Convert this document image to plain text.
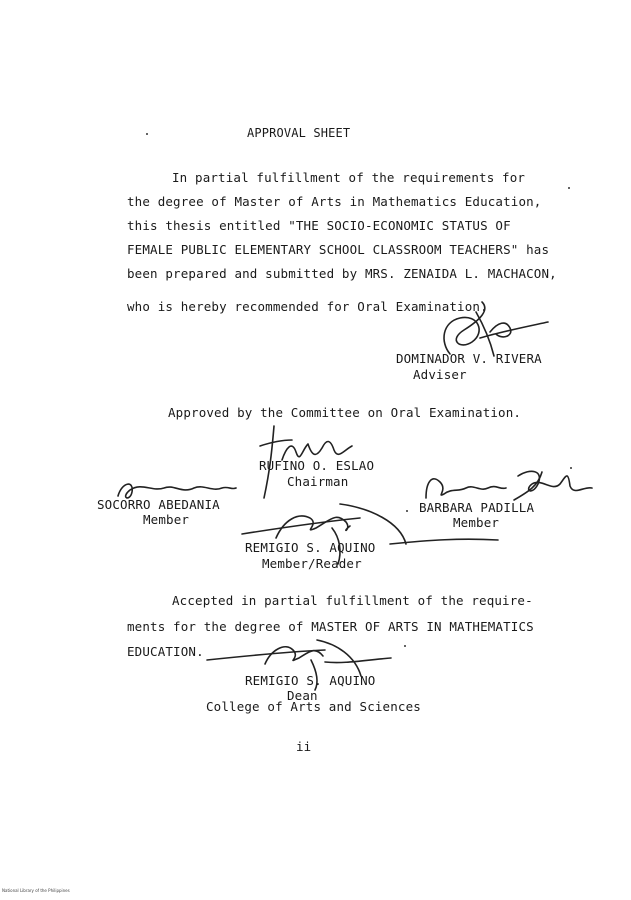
APPROVAL SHEET
In partial fulfillment of the requirements for
the degree of Master of Arts in Mathematics Education,
this thesis entitled "THE SOCIO-ECONOMIC STATUS OF
FEMALE PUBLIC ELEMENTARY SCHOOL CLASSROOM TEACHERS" has
been prepared and submitted by MRS. ZENAIDA L. MACHACON,
who is hereby recommended for Oral Examination.
DOMINADOR V. RIVERA
Adviser
Approved by the Committee on Oral Examination.
RUFINO O. ESLAO
Chairman
SOCORRO ABEDANIA
Member
BARBARA PADILLA
Member
REMIGIO S. AQUINO
Member/Reader
Accepted in partial fulfillment of the require-
ments for the degree of MASTER OF ARTS IN MATHEMATICS
EDUCATION.
REMIGIO S. AQUINO
Dean
College of Arts and Sciences
ii
National Library of the Philippines
